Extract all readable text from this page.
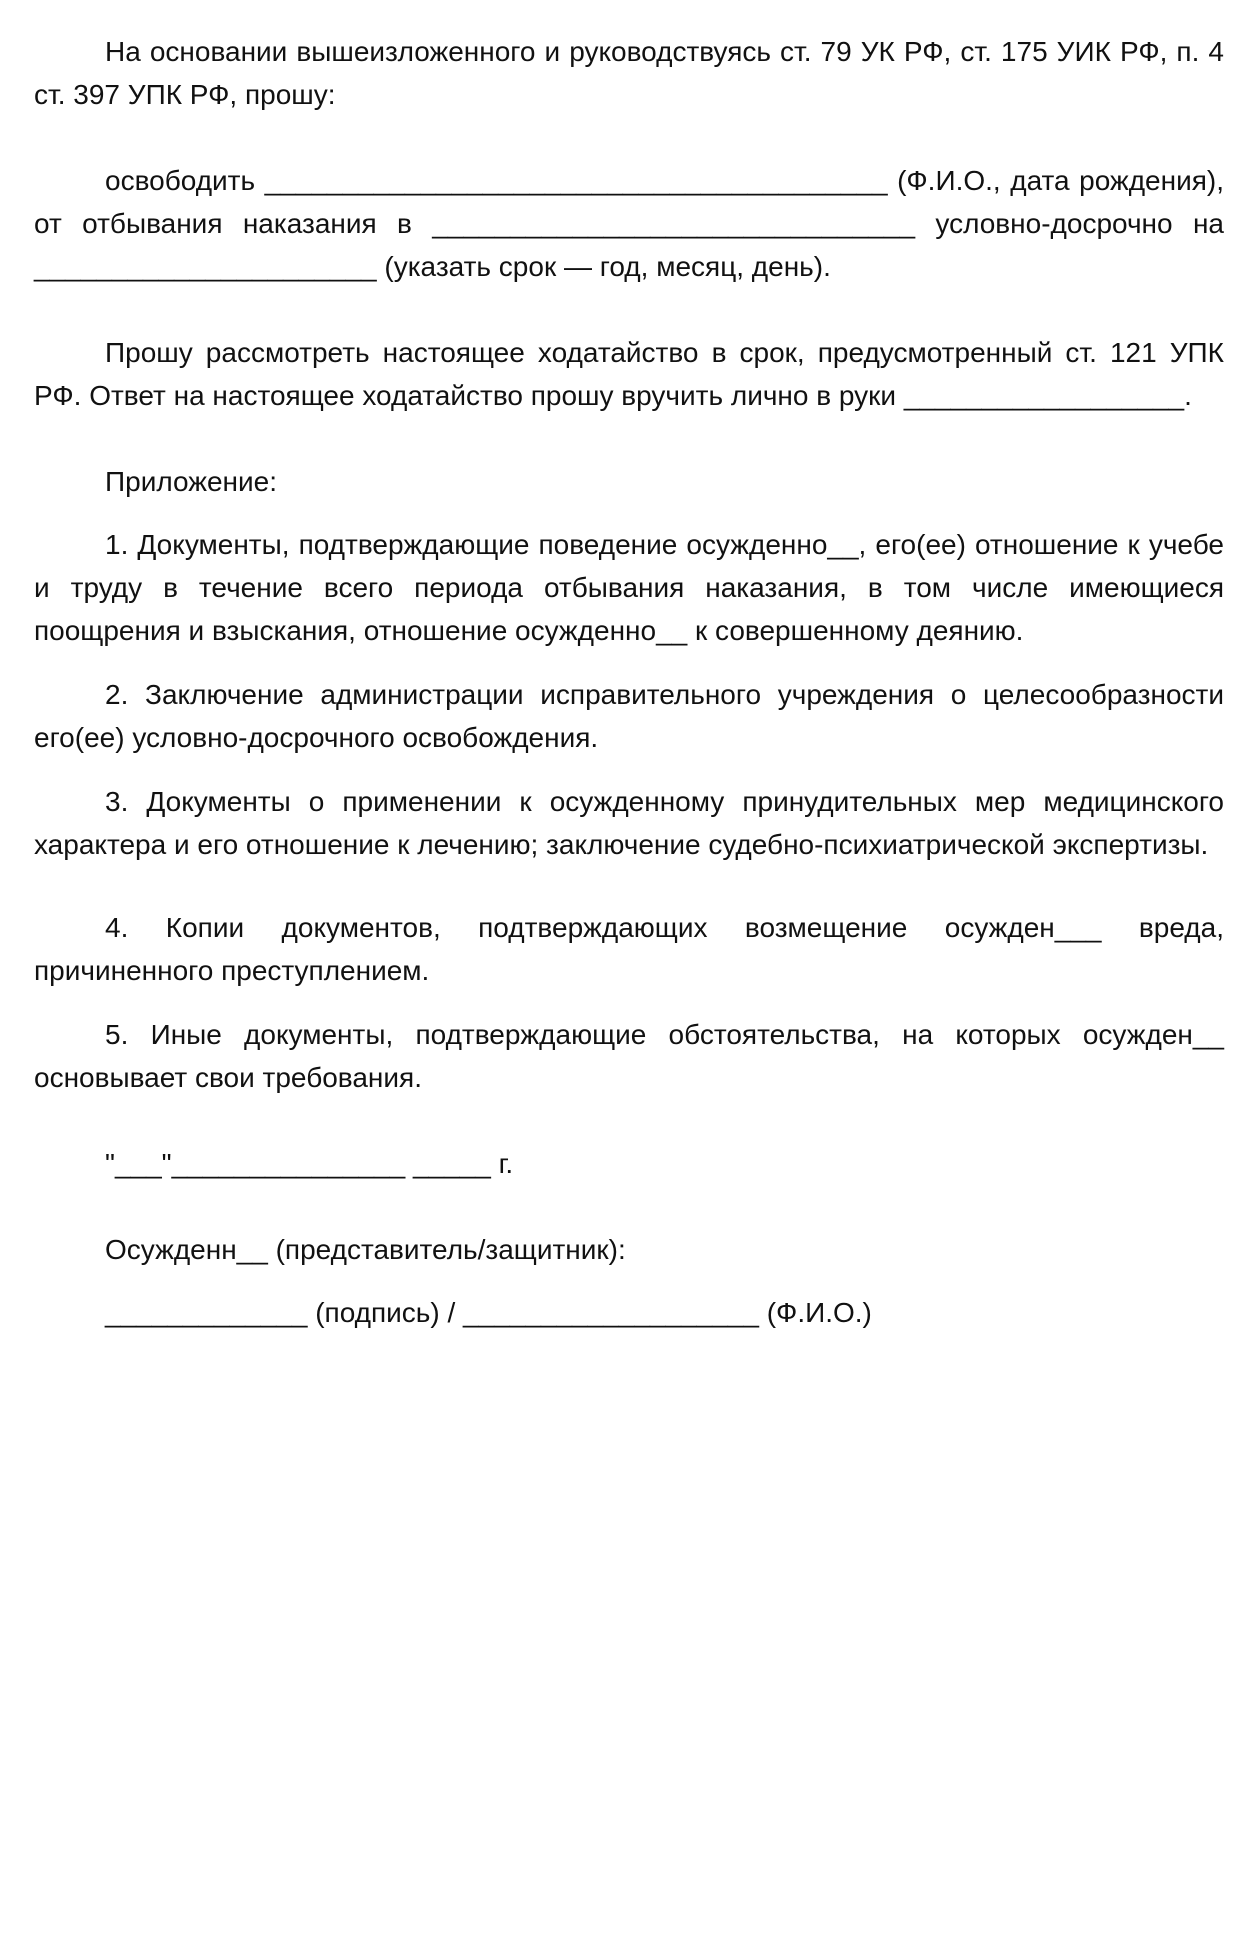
На основании вышеизложенного и руководствуясь ст. 79 УК РФ, ст. 175 УИК РФ, п. 4 ст. 397 УПК РФ, прошу:

освободить ________________________________________ (Ф.И.О., дата рождения), от отбывания наказания в _______________________________ условно-досрочно на ______________________ (указать срок — год, месяц, день).

Прошу рассмотреть настоящее ходатайство в срок, предусмотренный ст. 121 УПК РФ. Ответ на настоящее ходатайство прошу вручить лично в руки __________________.

Приложение:

1. Документы, подтверждающие поведение осужденно__, его(ее) отношение к учебе и труду в течение всего периода отбывания наказания, в том числе имеющиеся поощрения и взыскания, отношение осужденно__ к совершенному деянию.

2. Заключение администрации исправительного учреждения о целесообразности его(ее) условно-досрочного освобождения.

3. Документы о применении к осужденному принудительных мер медицинского характера и его отношение к лечению; заключение судебно-психиатрической экспертизы.

4. Копии документов, подтверждающих возмещение осужден___ вреда, причиненного преступлением.

5. Иные документы, подтверждающие обстоятельства, на которых осужден__ основывает свои требования.

"___"_______________ _____ г.

Осужденн__ (представитель/защитник):

_____________ (подпись) / ___________________ (Ф.И.О.)
